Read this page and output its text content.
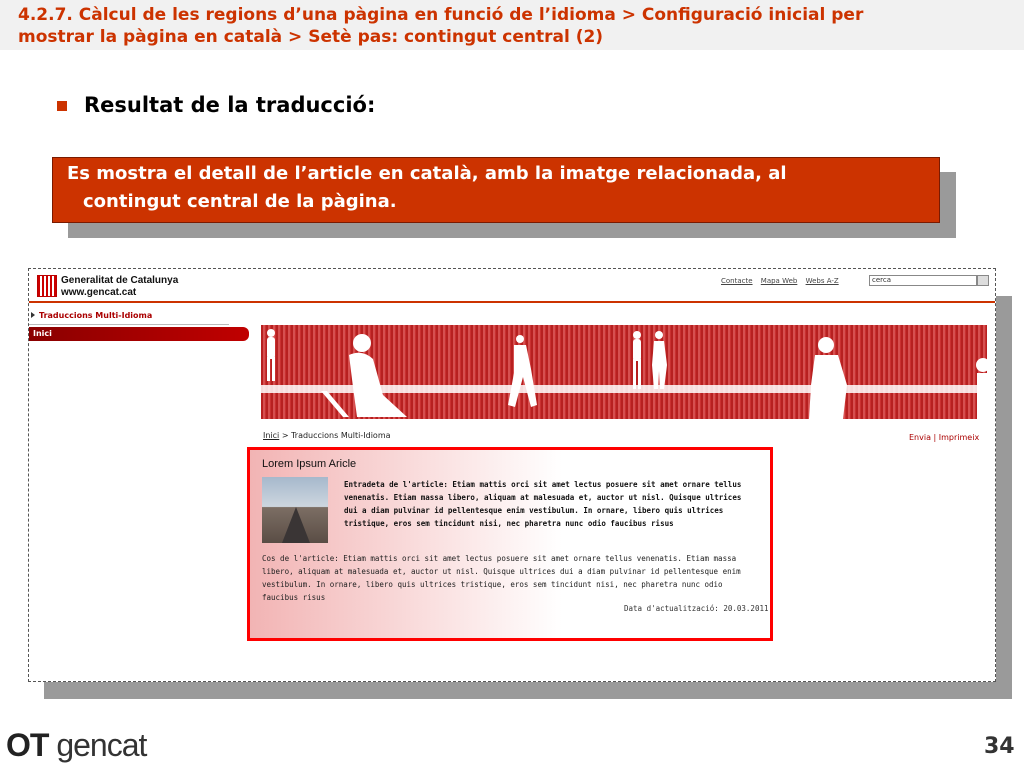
4.2.7. Càlcul de les regions d’una pàgina en funció de l’idioma > Configuració inicial per
mostrar la pàgina en català > Setè pas: contingut central (2)
Resultat de la traducció:
Es mostra el detall de l’article en català, amb la imatge relacionada, al
contingut central de la pàgina.
Generalitat de Catalunya
www.gencat.cat
Contacte Mapa Web Webs A-Z	cerca
Traduccions Multi-Idioma
Inici
Inici > Traduccions Multi-Idioma	Envia | Imprimeix
Lorem Ipsum Aricle
Entradeta de l'article: Etiam mattis orci sit amet lectus posuere sit amet ornare tellus venenatis. Etiam massa libero, aliquam at malesuada et, auctor ut nisl. Quisque ultrices dui a diam pulvinar id pellentesque enim vestibulum. In ornare, libero quis ultrices tristique, eros sem tincidunt nisi, nec pharetra nunc odio faucibus risus
Cos de l'article: Etiam mattis orci sit amet lectus posuere sit amet ornare tellus venenatis. Etiam massa libero, aliquam at malesuada et, auctor ut nisl. Quisque ultrices dui a diam pulvinar id pellentesque enim vestibulum. In ornare, libero quis ultrices tristique, eros sem tincidunt nisi, nec pharetra nunc odio faucibus risus
Data d'actualització: 20.03.2011
OT gencat	34
